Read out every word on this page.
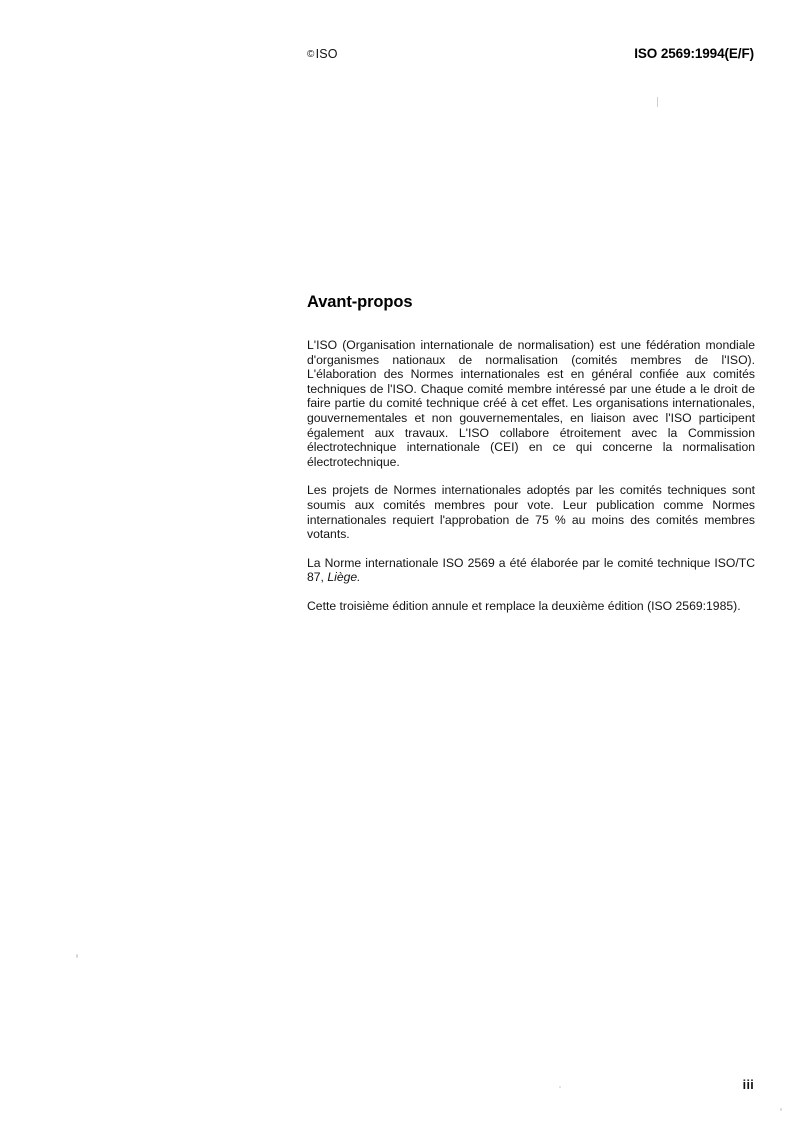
©ISO	ISO 2569:1994(E/F)
Avant-propos

L'ISO (Organisation internationale de normalisation) est une fédération mondiale d'organismes nationaux de normalisation (comités membres de l'ISO). L'élaboration des Normes internationales est en général confiée aux comités techniques de l'ISO. Chaque comité membre intéressé par une étude a le droit de faire partie du comité technique créé à cet effet. Les organisations internationales, gouvernementales et non gouvernementales, en liaison avec l'ISO participent également aux travaux. L'ISO collabore étroitement avec la Commission électrotechnique internationale (CEI) en ce qui concerne la normalisation électrotechnique.

Les projets de Normes internationales adoptés par les comités techniques sont soumis aux comités membres pour vote. Leur publication comme Normes internationales requiert l'approbation de 75 % au moins des comités membres votants.

La Norme internationale ISO 2569 a été élaborée par le comité technique ISO/TC 87, Liège.

Cette troisième édition annule et remplace la deuxième édition (ISO 2569:1985).

iii
